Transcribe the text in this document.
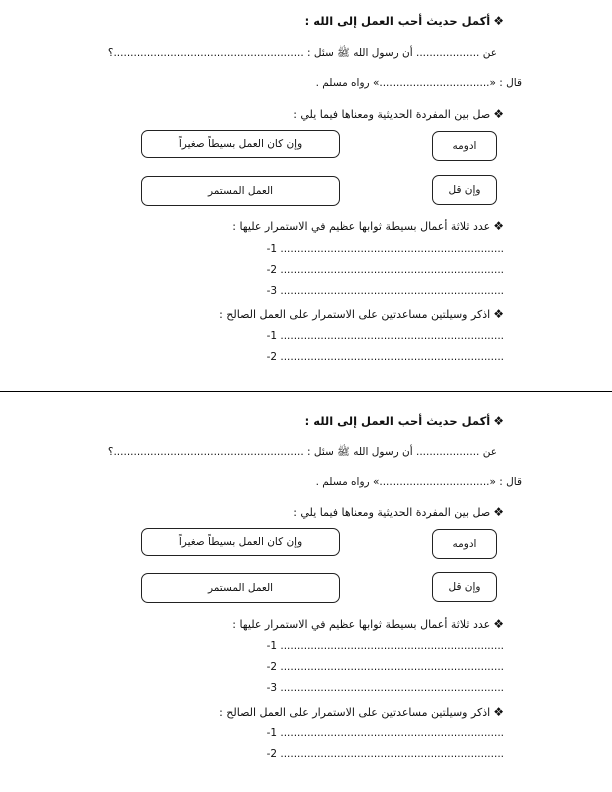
❖أكمل حديث أحب العمل إلى الله :
عن ................... أن رسول الله ﷺ سئل : .........................................................؟
قال : «.................................» رواه مسلم .
❖صل بين المفردة الحديثية ومعناها فيما يلي :
وإن كان العمل بسيطاً صغيراً	ادومه
العمل المستمر	وإن قل
❖عدد ثلاثة أعمال بسيطة ثوابها عظيم في الاستمرار عليها :
-1 ...................................................................
-2 ...................................................................
-3 ...................................................................
❖اذكر وسيلتين مساعدتين على الاستمرار على العمل الصالح :
-1 ...................................................................
-2 ...................................................................
❖أكمل حديث أحب العمل إلى الله :
عن ................... أن رسول الله ﷺ سئل : .........................................................؟
قال : «.................................» رواه مسلم .
❖صل بين المفردة الحديثية ومعناها فيما يلي :
وإن كان العمل بسيطاً صغيراً	ادومه
العمل المستمر	وإن قل
❖عدد ثلاثة أعمال بسيطة ثوابها عظيم في الاستمرار عليها :
-1 ...................................................................
-2 ...................................................................
-3 ...................................................................
❖اذكر وسيلتين مساعدتين على الاستمرار على العمل الصالح :
-1 ...................................................................
-2 ...................................................................
